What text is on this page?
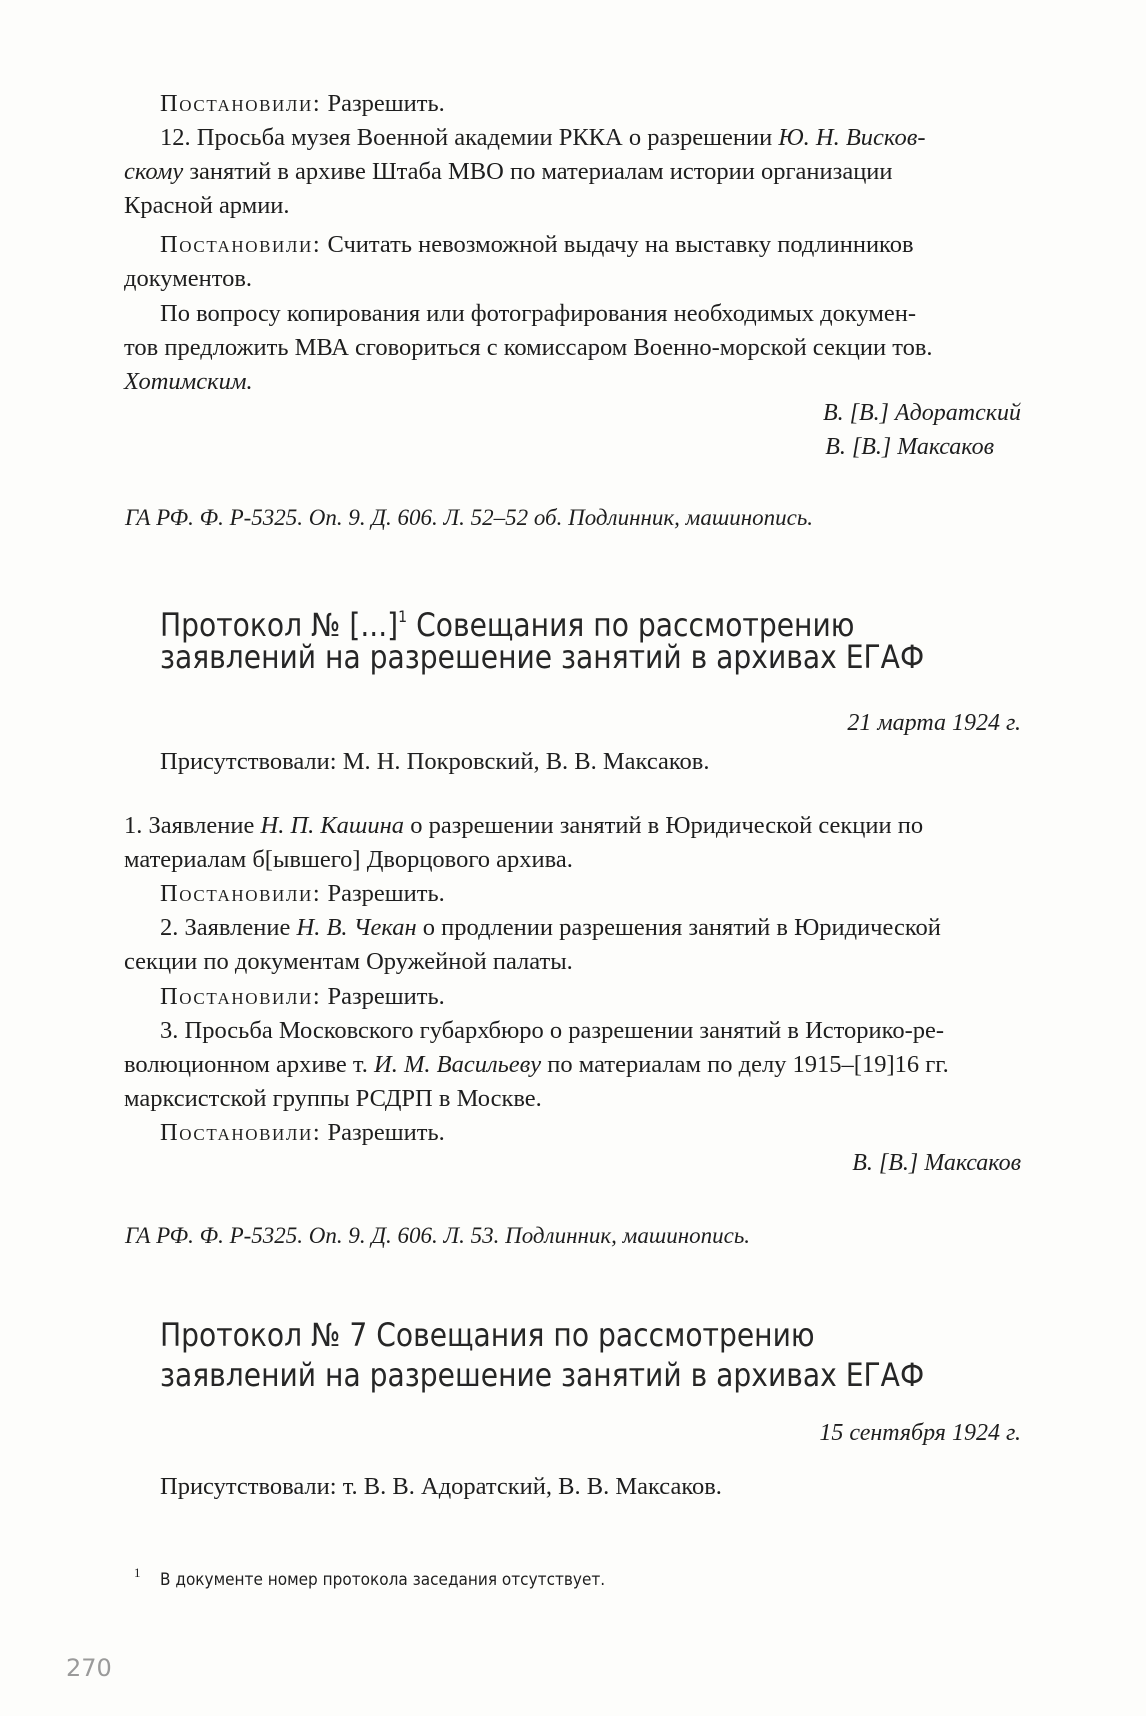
Постановили: Разрешить.

12. Просьба музея Военной академии РККА о разрешении Ю. Н. Висков-

скому занятий в архиве Штаба МВО по материалам истории организации

Красной армии.

Постановили: Считать невозможной выдачу на выставку подлинников

документов.

По вопросу копирования или фотографирования необходимых докумен-

тов предложить МВА сговориться с комиссаром Военно-морской секции тов.

Хотимским.

В. [В.] Адоратский
В. [В.] Максаков
ГА РФ. Ф. Р-5325. Оп. 9. Д. 606. Л. 52–52 об. Подлинник, машинопись.
Протокол № [...]$^1$ Совещания по рассмотрению
заявлений на разрешение занятий в архивах ЕГАФ
21 марта 1924 г.

Присутствовали: М. Н. Покровский, В. В. Максаков.

1. Заявление Н. П. Кашина о разрешении занятий в Юридической секции по

материалам б[ывшего] Дворцового архива.

Постановили: Разрешить.

2. Заявление Н. В. Чекан о продлении разрешения занятий в Юридической

секции по документам Оружейной палаты.

Постановили: Разрешить.

3. Просьба Московского губархбюро о разрешении занятий в Историко-ре-

волюционном архиве т. И. М. Васильеву по материалам по делу 1915–[19]16 гг.

марксистской группы РСДРП в Москве.

Постановили: Разрешить.

В. [В.] Максаков
ГА РФ. Ф. Р-5325. Оп. 9. Д. 606. Л. 53. Подлинник, машинопись.
Протокол № 7 Совещания по рассмотрению
заявлений на разрешение занятий в архивах ЕГАФ
15 сентября 1924 г.

Присутствовали: т. В. В. Адоратский, В. В. Максаков.

1 В документе номер протокола заседания отсутствует.
270
